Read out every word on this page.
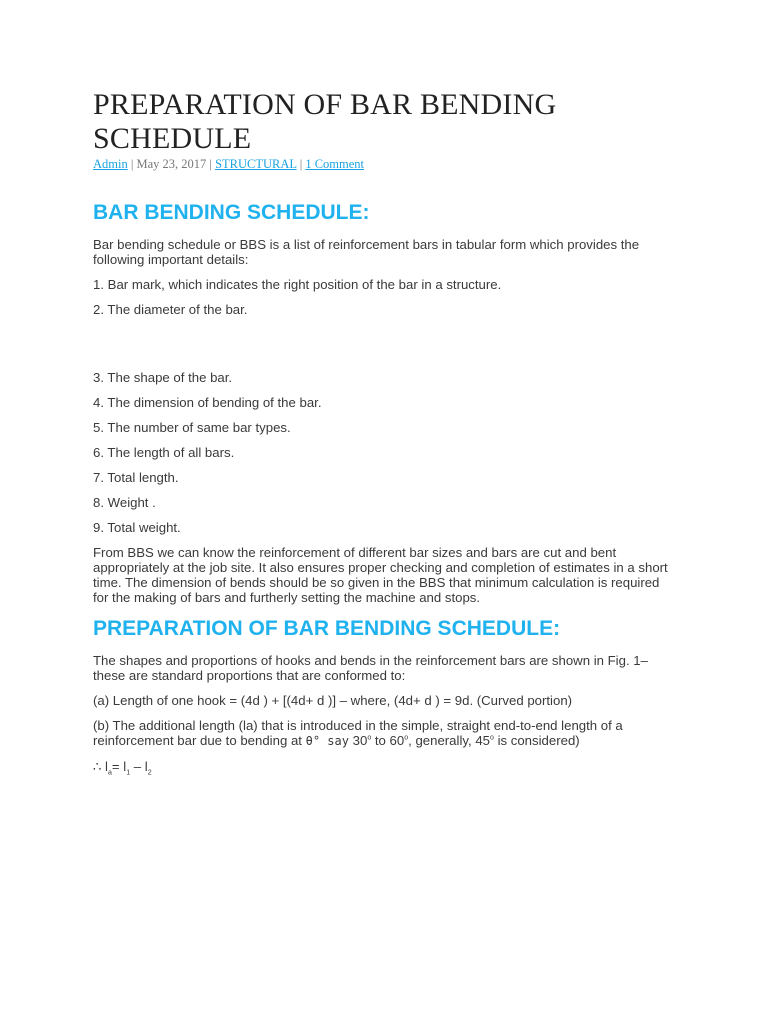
PREPARATION OF BAR BENDING SCHEDULE
Admin | May 23, 2017 | STRUCTURAL | 1 Comment
BAR BENDING SCHEDULE:

Bar bending schedule or BBS is a list of reinforcement bars in tabular form which provides the following important details:

1. Bar mark, which indicates the right position of the bar in a structure.

2. The diameter of the bar.

3. The shape of the bar.

4. The dimension of bending of the bar.

5. The number of same bar types.

6. The length of all bars.

7. Total length.

8. Weight .

9. Total weight.

From BBS we can know the reinforcement of different bar sizes and bars are cut and bent appropriately at the job site. It also ensures proper checking and completion of estimates in a short time. The dimension of bends should be so given in the BBS that minimum calculation is required for the making of bars and furtherly setting the machine and stops.

PREPARATION OF BAR BENDING SCHEDULE:

The shapes and proportions of hooks and bends in the reinforcement bars are shown in Fig. 1– these are standard proportions that are conformed to:

(a) Length of one hook = (4d ) + [(4d+ d )] – where, (4d+ d ) = 9d. (Curved portion)

(b) The additional length (la) that is introduced in the simple, straight end-to-end length of a reinforcement bar due to bending at θ° say 30$^o$ to 60$^o$, generally, 45$^o$ is considered)

∴ $l_a= l_1 - l_2$
